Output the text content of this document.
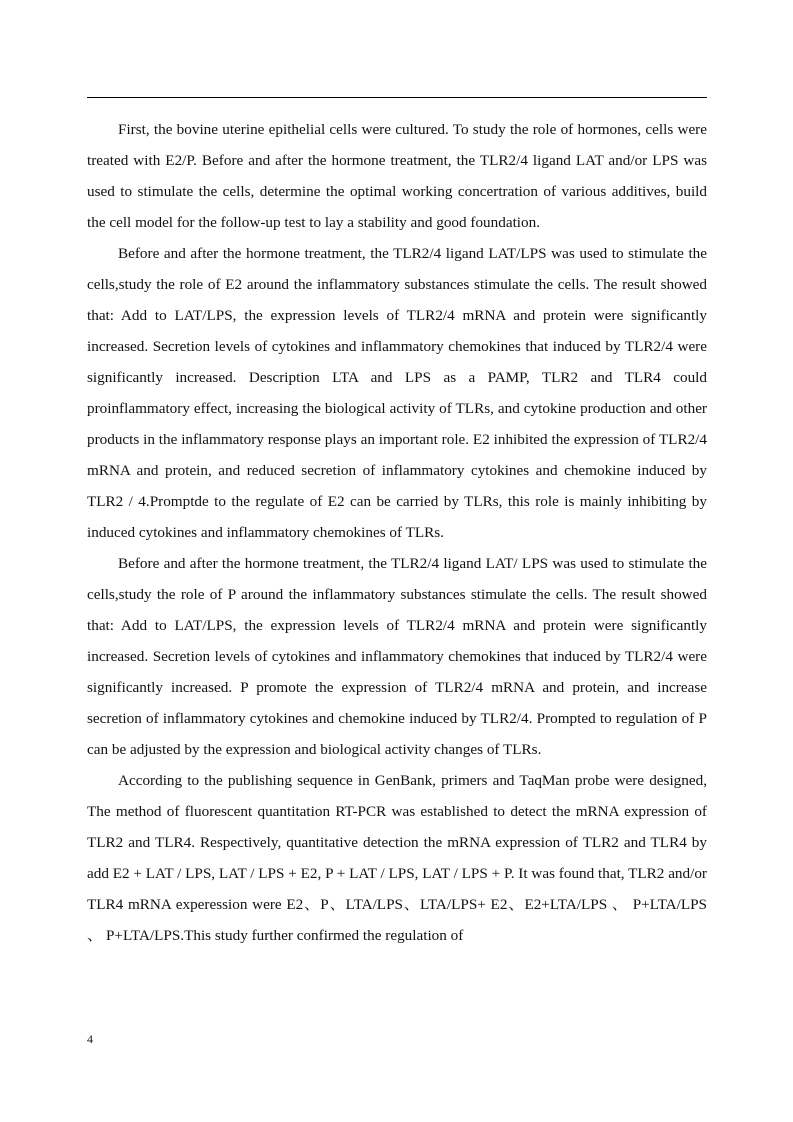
First, the bovine uterine epithelial cells were cultured. To study the role of hormones, cells were treated with E2/P. Before and after the hormone treatment, the TLR2/4 ligand LAT and/or LPS was used to stimulate the cells, determine the optimal working concertration of various additives, build the cell model for the follow-up test to lay a stability and good foundation.

Before and after the hormone treatment, the TLR2/4 ligand LAT/LPS was used to stimulate the cells,study the role of E2 around the inflammatory substances stimulate the cells. The result showed that: Add to LAT/LPS, the expression levels of TLR2/4 mRNA and protein were significantly increased. Secretion levels of cytokines and inflammatory chemokines that induced by TLR2/4 were significantly increased. Description LTA and LPS as a PAMP, TLR2 and TLR4 could proinflammatory effect, increasing the biological activity of TLRs, and cytokine production and other products in the inflammatory response plays an important role. E2 inhibited the expression of TLR2/4 mRNA and protein, and reduced secretion of inflammatory cytokines and chemokine induced by TLR2 / 4.Promptde to the regulate of E2 can be carried by TLRs, this role is mainly inhibiting by induced cytokines and inflammatory chemokines of TLRs.

Before and after the hormone treatment, the TLR2/4 ligand LAT/ LPS was used to stimulate the cells,study the role of P around the inflammatory substances stimulate the cells. The result showed that: Add to LAT/LPS, the expression levels of TLR2/4 mRNA and protein were significantly increased. Secretion levels of cytokines and inflammatory chemokines that induced by TLR2/4 were significantly increased. P promote the expression of TLR2/4 mRNA and protein, and increase secretion of inflammatory cytokines and chemokine induced by TLR2/4. Prompted to regulation of P can be adjusted by the expression and biological activity changes of TLRs.

According to the publishing sequence in GenBank, primers and TaqMan probe were designed, The method of fluorescent quantitation RT-PCR was established to detect the mRNA expression of TLR2 and TLR4. Respectively, quantitative detection the mRNA expression of TLR2 and TLR4 by add E2 + LAT / LPS, LAT / LPS + E2, P + LAT / LPS, LAT / LPS + P. It was found that, TLR2 and/or TLR4 mRNA experession were E2、P、LTA/LPS、LTA/LPS+ E2、E2+LTA/LPS 、 P+LTA/LPS 、 P+LTA/LPS.This study further confirmed the regulation of

4
